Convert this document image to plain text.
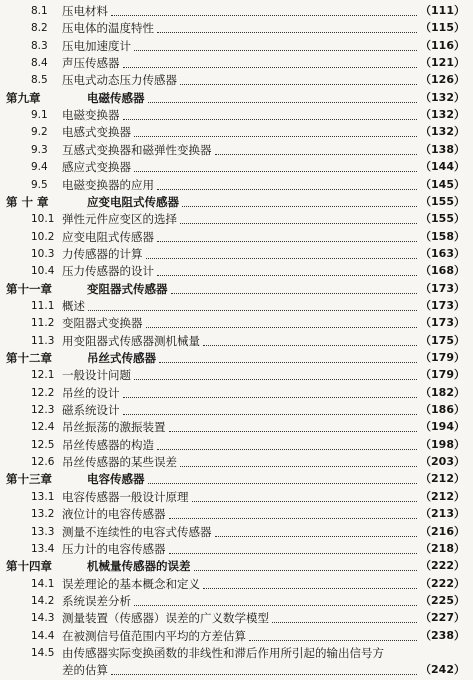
8.1	压电材料	（111）
8.2	压电体的温度特性	（115）
8.3	压电加速度计	（116）
8.4	声压传感器	（121）
8.5	压电式动态压力传感器	（126）
第九章	电磁传感器	（132）
9.1	电磁变换器	（132）
9.2	电感式变换器	（132）
9.3	互感式变换器和磁弹性变换器	（138）
9.4	感应式变换器	（144）
9.5	电磁变换器的应用	（145）
第 十 章	应变电阻式传感器	（155）
10.1 弹性元件应变区的选择	（155）
10.2 应变电阻式传感器	（158）
10.3 力传感器的计算	（163）
10.4 压力传感器的设计	（168）
第十一章	变阻器式传感器	（173）
11.1 概述	（173）
11.2 变阻器式变换器	（173）
11.3 用变阻器式传感器测机械量	（175）
第十二章	吊丝式传感器	（179）
12.1 一般设计问题	（179）
12.2 吊丝的设计	（182）
12.3 磁系统设计	（186）
12.4 吊丝振荡的激振装置	（194）
12.5 吊丝传感器的构造	（198）
12.6 吊丝传感器的某些误差	（203）
第十三章	电容传感器	（212）
13.1 电容传感器一般设计原理	（212）
13.2 液位计的电容传感器	（213）
13.3 测量不连续性的电容式传感器	（216）
13.4 压力计的电容传感器	（218）
第十四章	机械量传感器的误差	（222）
14.1 误差理论的基本概念和定义	（222）
14.2 系统误差分析	（225）
14.3 测量装置（传感器）误差的广义数学模型	（227）
14.4 在被测信号值范围内平均的方差估算	（238）
14.5 由传感器实际变换函数的非线性和滞后作用所引起的输出信号方
差的估算	（242）
